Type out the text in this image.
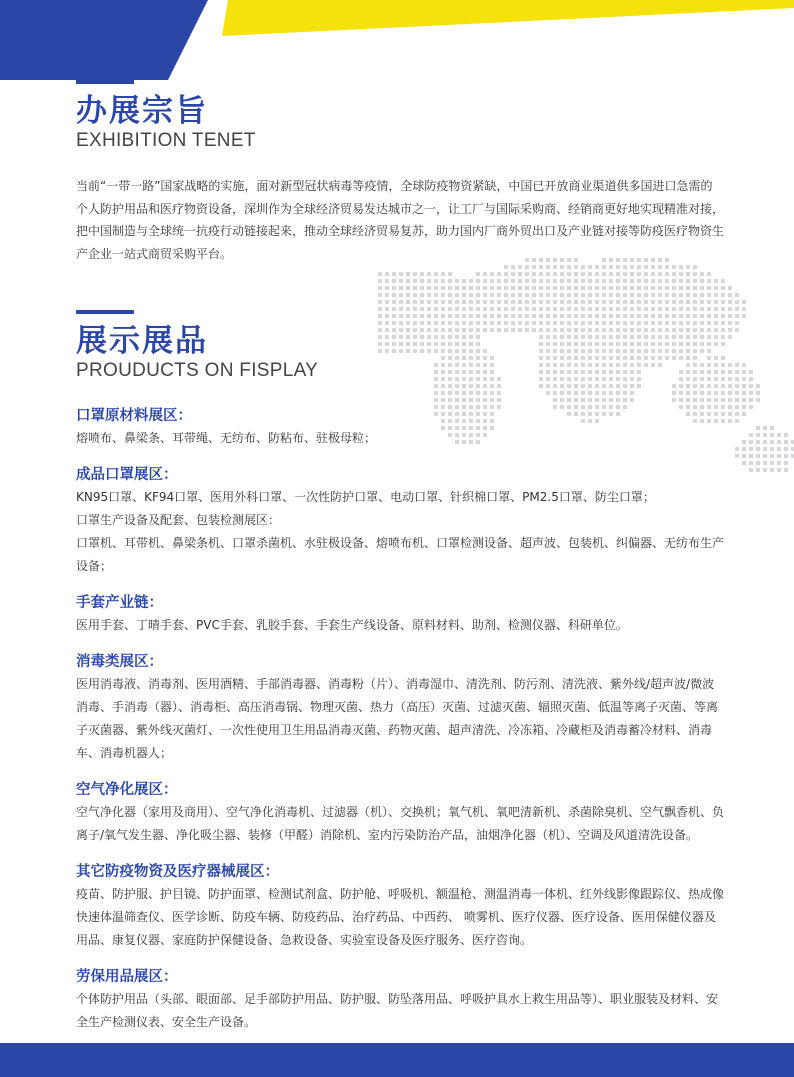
办展宗旨
EXHIBITION TENET
当前“一带一路”国家战略的实施，面对新型冠状病毒等疫情，全球防疫物资紧缺，中国已开放商业渠道供多国进口急需的个人防护用品和医疗物资设备，深圳作为全球经济贸易发达城市之一，让工厂与国际采购商、经销商更好地实现精准对接，把中国制造与全球统一抗疫行动链接起来，推动全球经济贸易复苏，助力国内厂商外贸出口及产业链对接等防疫医疗物资生产企业一站式商贸采购平台。
展示展品
PROUDUCTS ON FISPLAY
口罩原材料展区：

熔喷布、鼻梁条、耳带绳、无纺布、防粘布、驻极母粒；

成品口罩展区：

KN95口罩、KF94口罩、医用外科口罩、一次性防护口罩、电动口罩、针织棉口罩、PM2.5口罩、防尘口罩；

口罩生产设备及配套、包装检测展区：

口罩机、耳带机、鼻梁条机、口罩杀菌机、水驻极设备、熔喷布机、口罩检测设备、超声波、包装机、纠偏器、无纺布生产设备；

手套产业链：

医用手套、丁晴手套、PVC手套、乳胶手套、手套生产线设备、原料材料、助剂、检测仪器、科研单位。

消毒类展区：

医用消毒液、消毒剂、医用酒精、手部消毒器、消毒粉（片）、消毒湿巾、清洗剂、防污剂、清洗液、紫外线/超声波/微波消毒、手消毒（器）、消毒柜、高压消毒锅、物理灭菌、热力（高压）灭菌、过滤灭菌、辐照灭菌、低温等离子灭菌、等离子灭菌器、紫外线灭菌灯、一次性使用卫生用品消毒灭菌、药物灭菌、超声清洗、冷冻箱、冷藏柜及消毒蓄冷材料、消毒车、消毒机器人；

空气净化展区：

空气净化器（家用及商用）、空气净化消毒机、过滤器（机）、交换机；氧气机、氧吧清新机、杀菌除臭机、空气飘香机、负离子/氧气发生器、净化吸尘器、装修（甲醛）消除机、室内污染防治产品，油烟净化器（机）、空调及风道清洗设备。

其它防疫物资及医疗器械展区：

疫苗、防护服、护目镜、防护面罩、检测试剂盒、防护舱、呼吸机、额温枪、测温消毒一体机、红外线影像跟踪仪、热成像快速体温筛查仪、医学诊断、防疫车辆、防疫药品、治疗药品、中西药、 喷雾机、医疗仪器、医疗设备、医用保健仪器及用品、康复仪器、家庭防护保健设备、急救设备、实验室设备及医疗服务、医疗咨询。

劳保用品展区：

个体防护用品（头部、眼面部、足手部防护用品、防护服、防坠落用品、呼吸护具水上救生用品等）、职业服装及材料、安全生产检测仪表、安全生产设备。
